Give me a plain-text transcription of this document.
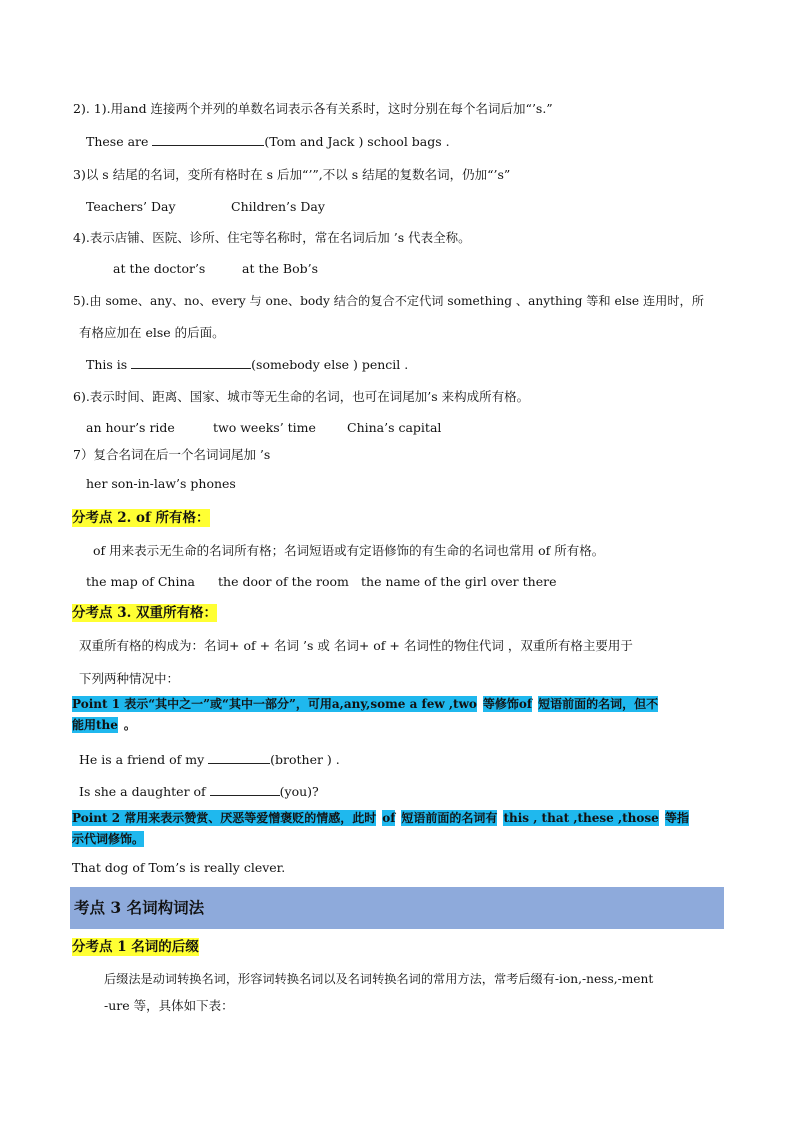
2). 1).用and 连接两个并列的单数名词表示各有关系时，这时分别在每个名词后加“’s.”
These are	(Tom and Jack ) school bags .
3)以 s 结尾的名词，变所有格时在 s 后加“’”,不以 s 结尾的复数名词，仍加“’s”
Teachers’ Day	Children’s Day
4).表示店铺、医院、诊所、住宅等名称时，常在名词后加 ’s 代表全称。
at the doctor’s	at the Bob’s
5).由 some、any、no、every 与 one、body 结合的复合不定代词 something 、anything 等和 else 连用时，所
有格应加在 else 的后面。
This is	(somebody else ) pencil .
6).表示时间、距离、国家、城市等无生命的名词，也可在词尾加’s 来构成所有格。
an hour’s ride	two weeks’ time China’s capital
7）复合名词在后一个名词词尾加 ’s
her son-in-law’s phones
分考点 2. of 所有格：
of 用来表示无生命的名词所有格；名词短语或有定语修饰的有生命的名词也常用 of 所有格。
the map of China the door of the room the name of the girl over there
分考点 3. 双重所有格：
双重所有格的构成为：名词+ of + 名词 ’s 或 名词+ of + 名词性的物住代词 ，双重所有格主要用于
下列两种情况中：
Point 1 表示“其中之一”或“其中一部分”，可用a,any,some a few ,two 等修饰of 短语前面的名词，但不
能用the 。
He is a friend of my	(brother ) .
Is she a daughter of	(you)?
Point 2 常用来表示赞赏、厌恶等爱憎褒贬的情感，此时 of 短语前面的名词有 this , that ,these ,those 等指
示代词修饰。
That dog of Tom’s is really clever.
考点 3 名词构词法
分考点 1 名词的后缀
后缀法是动词转换名词，形容词转换名词以及名词转换名词的常用方法，常考后缀有-ion,-ness,-ment
-ure 等，具体如下表：
